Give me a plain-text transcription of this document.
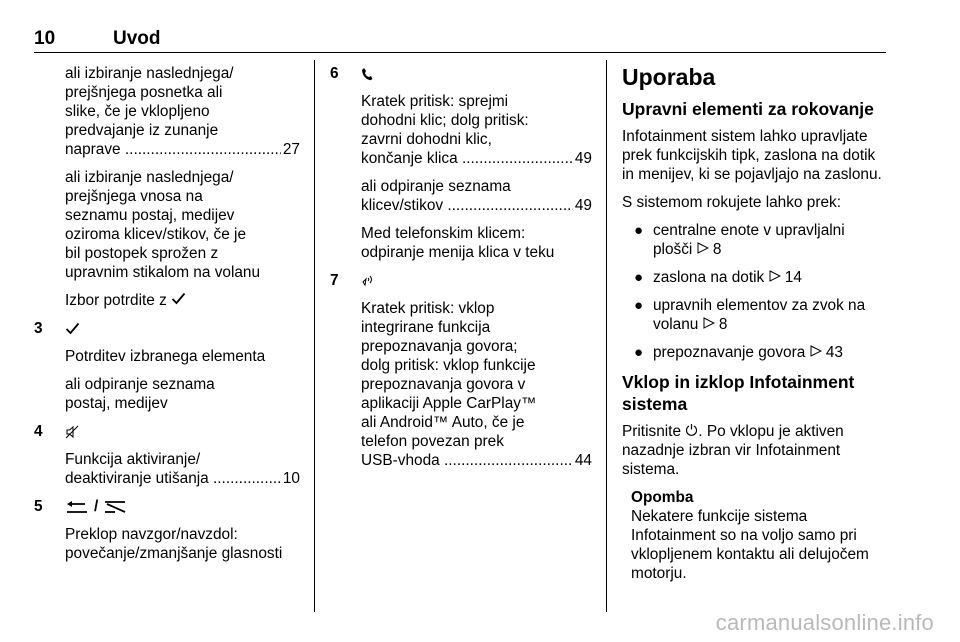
10	Uvod
ali izbiranje naslednjega/
prejšnjega posnetka ali
slike, če je vklopljeno
predvajanje iz zunanje
naprave .....	27
ali izbiranje naslednjega/
prejšnjega vnosa na
seznamu postaj, medijev
oziroma klicev/stikov, če je
bil postopek sprožen z
upravnim stikalom na volanu
Izbor potrdite z
3
Potrditev izbranega elementa
ali odpiranje seznama
postaj, medijev
4
Funkcija aktiviranje/
deaktiviranje utišanja .....	10
5	/
Preklop navzgor/navzdol:
povečanje/zmanjšanje glasnosti
6
Kratek pritisk: sprejmi
dohodni klic; dolg pritisk:
zavrni dohodni klic,
končanje klica .....	49
ali odpiranje seznama
klicev/stikov .....	49
Med telefonskim klicem:
odpiranje menija klica v teku
7
Kratek pritisk: vklop
integrirane funkcija
prepoznavanja govora;
dolg pritisk: vklop funkcije
prepoznavanja govora v
aplikaciji Apple CarPlay™
ali Android™ Auto, če je
telefon povezan prek
USB-vhoda .....	44
Uporaba
Upravni elementi za rokovanje
Infotainment sistem lahko upravljate prek funkcijskih tipk, zaslona na dotik in menijev, ki se pojavljajo na zaslonu.
S sistemom rokujete lahko prek:
● centralne enote v upravljalni
plošči 8
● zaslona na dotik 14
● upravnih elementov za zvok na
volanu 8
● prepoznavanje govora 43
Vklop in izklop Infotainment sistema
Pritisnite . Po vklopu je aktiven nazadnje izbran vir Infotainment sistema.
Opomba
Nekatere funkcije sistema Infotainment so na voljo samo pri vklopljenem kontaktu ali delujočem motorju.
carmanualsonline.info
